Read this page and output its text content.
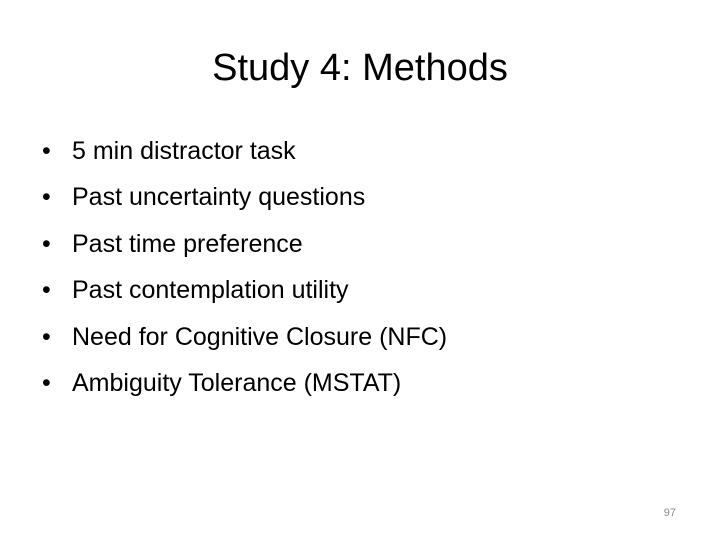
Study 4: Methods
• 5 min distractor task
• Past uncertainty questions
• Past time preference
• Past contemplation utility
• Need for Cognitive Closure (NFC)
• Ambiguity Tolerance (MSTAT)
97
